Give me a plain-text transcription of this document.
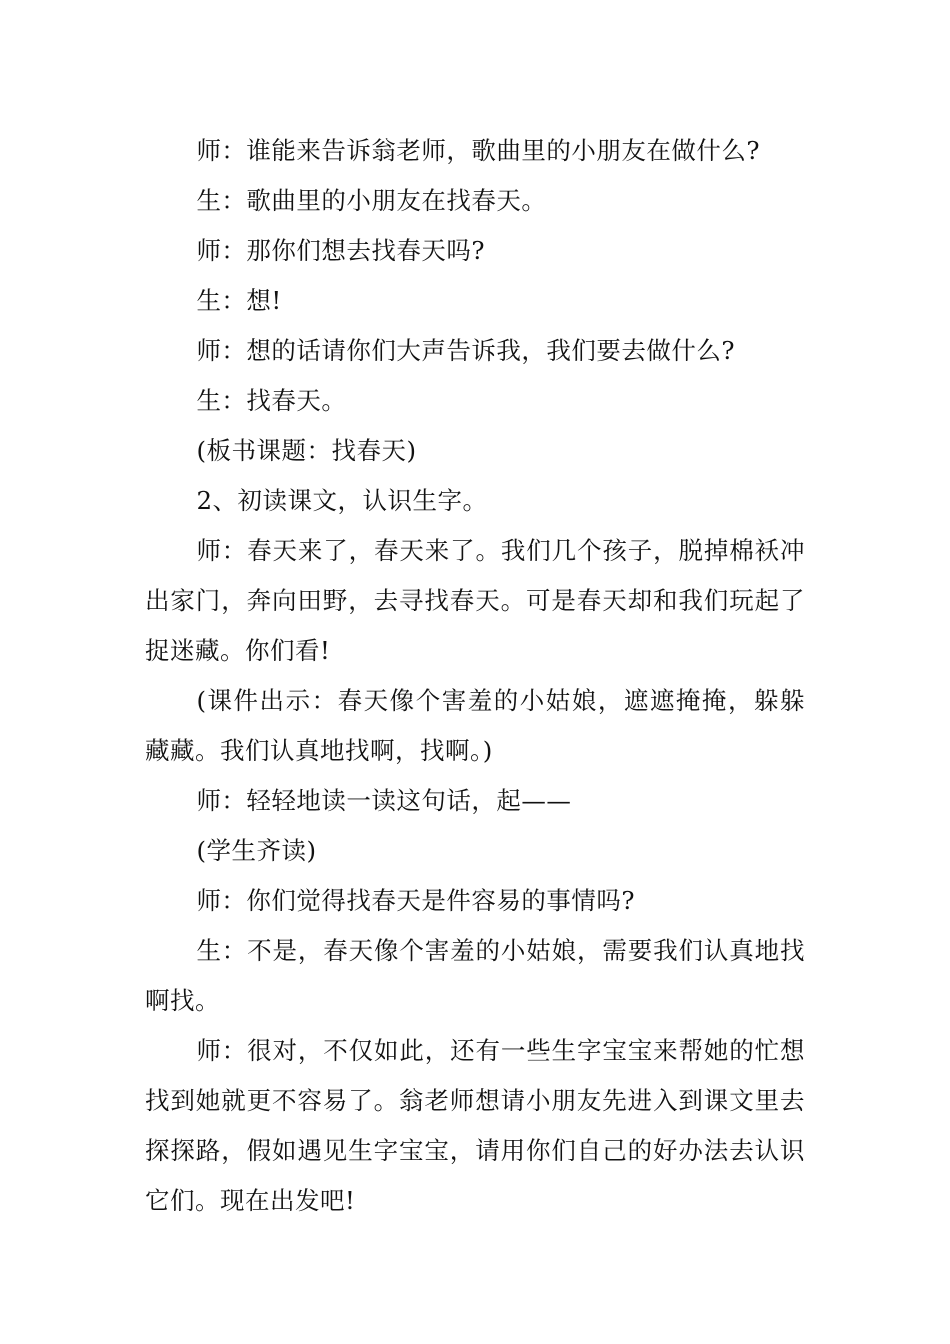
师：谁能来告诉翁老师，歌曲里的小朋友在做什么?

生：歌曲里的小朋友在找春天。

师：那你们想去找春天吗?

生：想!

师：想的话请你们大声告诉我，我们要去做什么?

生：找春天。

(板书课题：找春天)

2、初读课文，认识生字。

师：春天来了，春天来了。我们几个孩子，脱掉棉袄冲出家门，奔向田野，去寻找春天。可是春天却和我们玩起了捉迷藏。你们看!

(课件出示：春天像个害羞的小姑娘，遮遮掩掩，躲躲藏藏。我们认真地找啊，找啊。)

师：轻轻地读一读这句话，起——

(学生齐读)

师：你们觉得找春天是件容易的事情吗?

生：不是，春天像个害羞的小姑娘，需要我们认真地找啊找。

师：很对，不仅如此，还有一些生字宝宝来帮她的忙想找到她就更不容易了。翁老师想请小朋友先进入到课文里去探探路，假如遇见生字宝宝，请用你们自己的好办法去认识它们。现在出发吧!
